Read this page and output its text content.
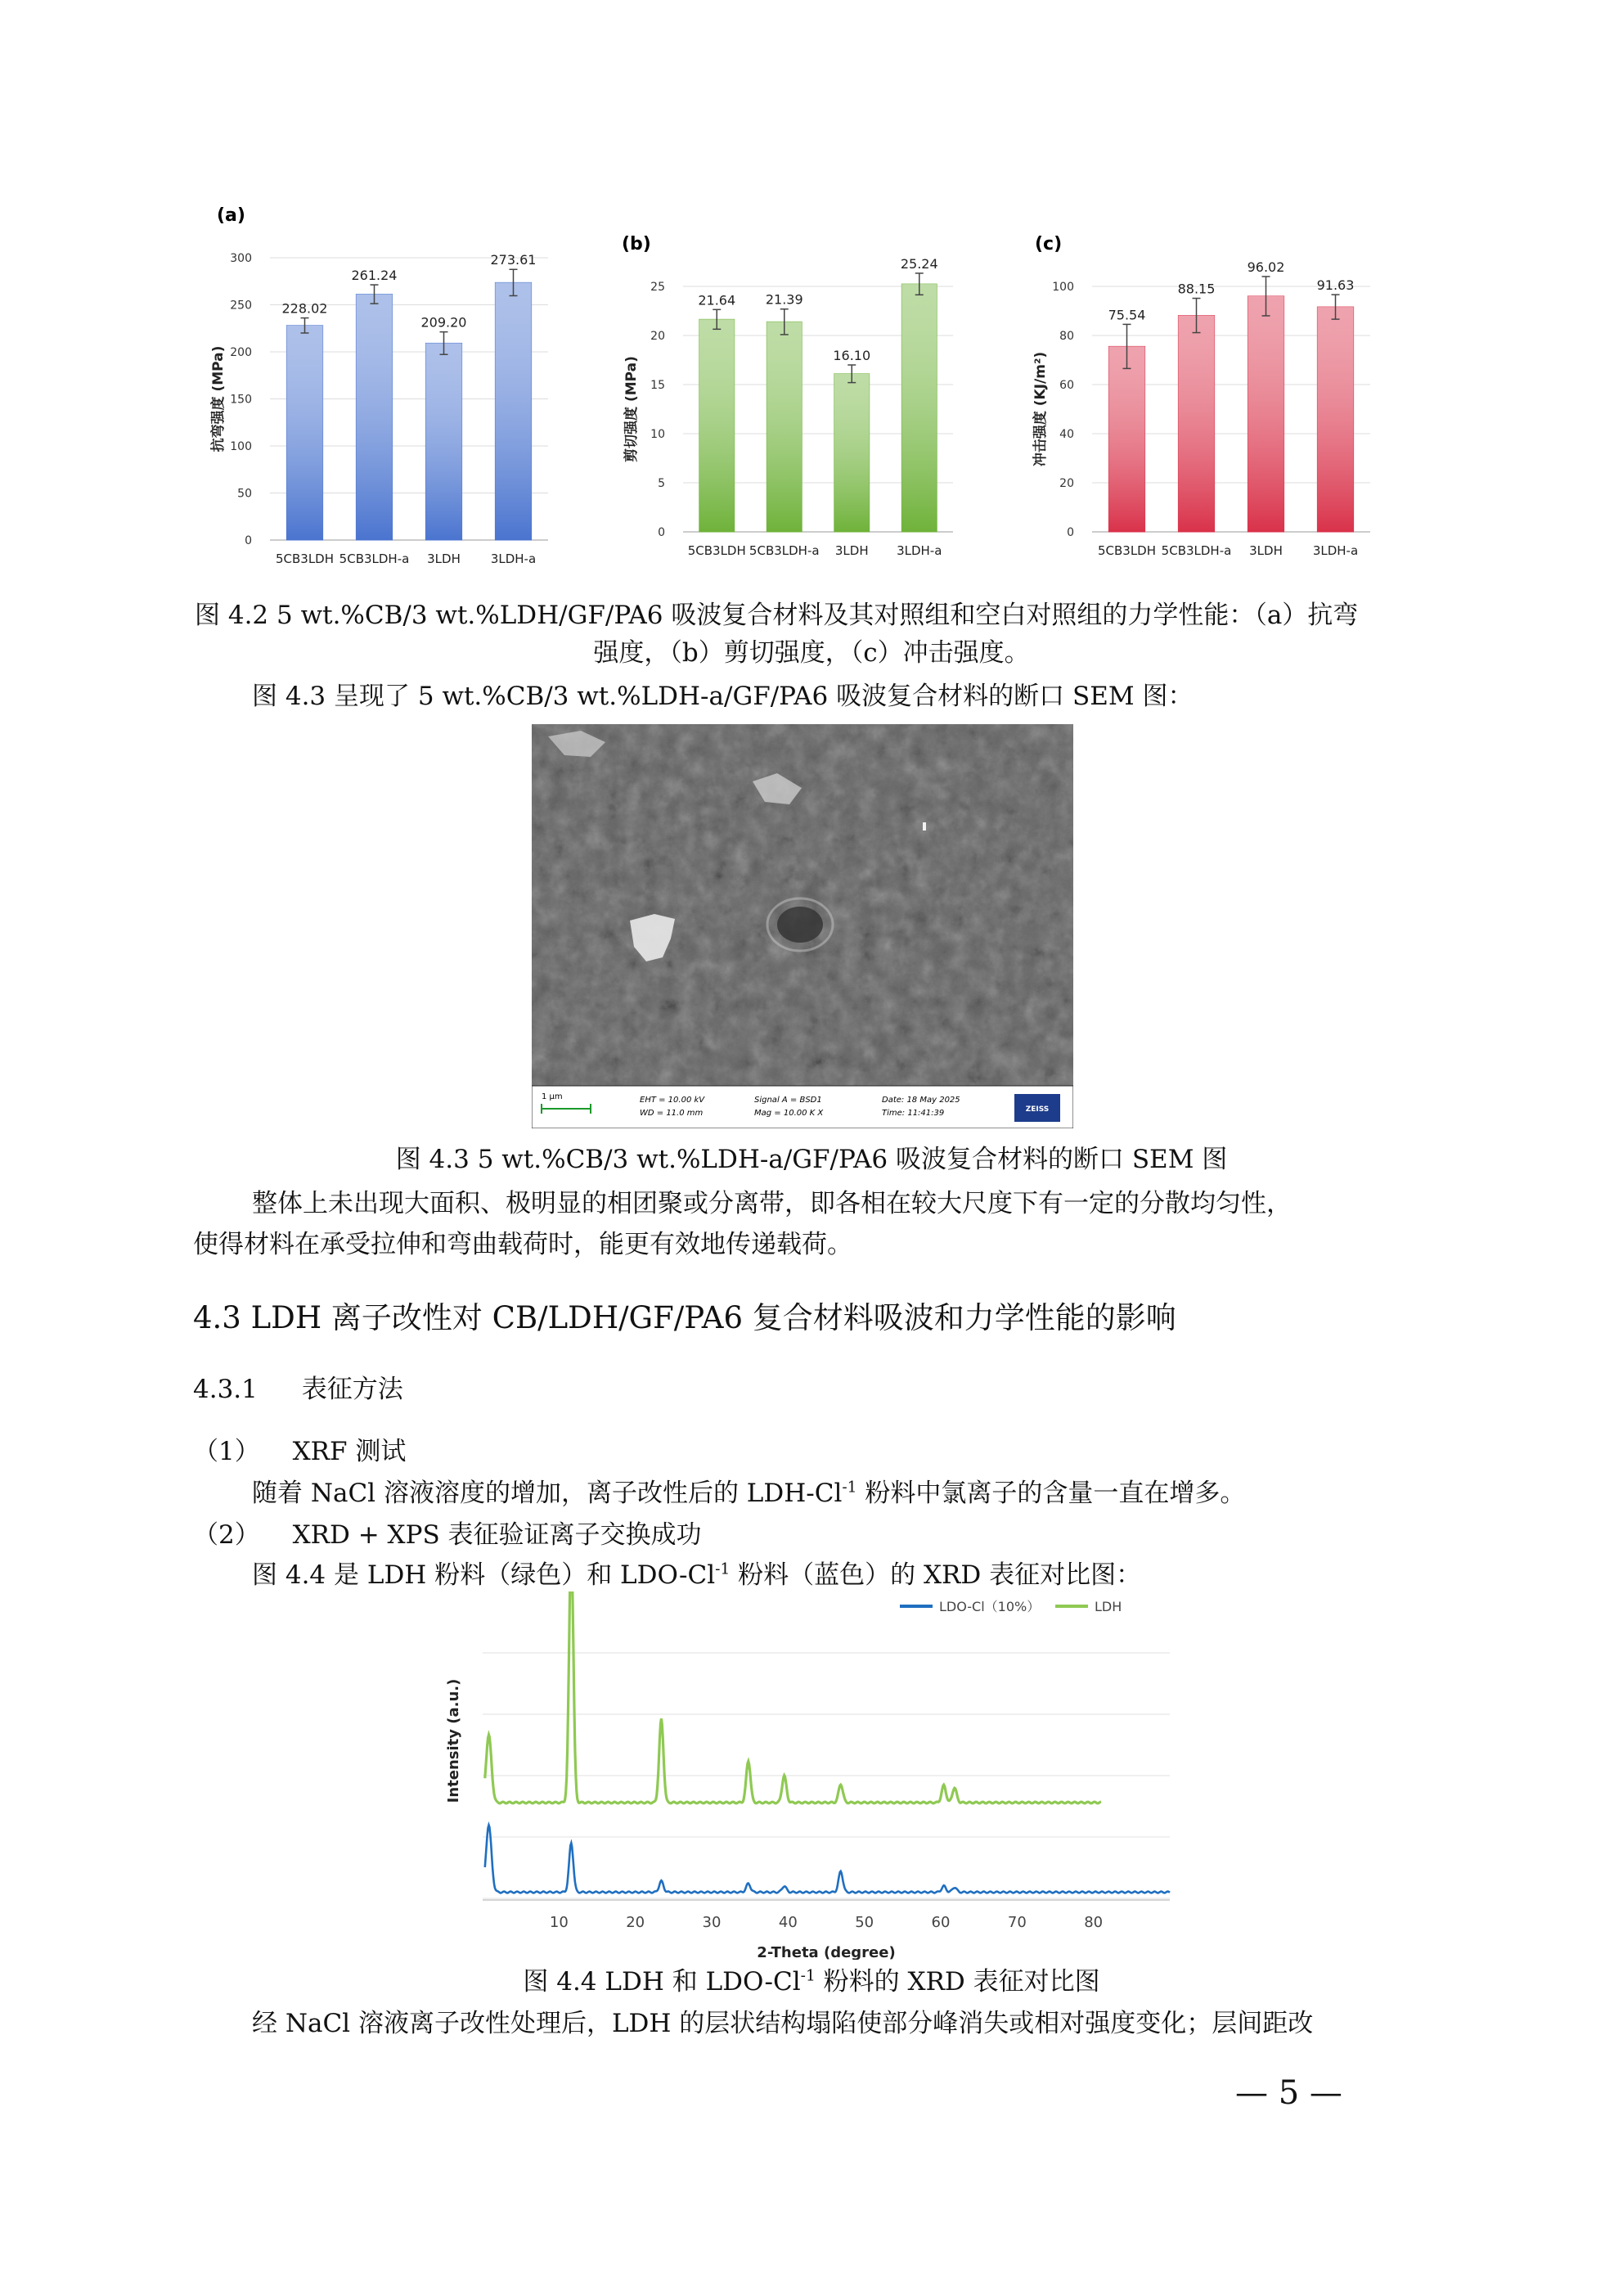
(a)
0
50
100
150
200
250
300
抗弯强度 (MPa)
228.02
5CB3LDH
261.24
5CB3LDH-a
209.20
3LDH
273.61
3LDH-a
(b)
0
5
10
15
20
25
剪切强度 (MPa)
21.64
5CB3LDH
21.39
5CB3LDH-a
16.10
3LDH
25.24
3LDH-a
(c)
0
20
40
60
80
100
冲击强度 (KJ/m²)
75.54
5CB3LDH
88.15
5CB3LDH-a
96.02
3LDH
91.63
3LDH-a
图 4.2 5 wt.%CB/3 wt.%LDH/GF/PA6 吸波复合材料及其对照组和空白对照组的力学性能：（a）抗弯
强度，（b）剪切强度，（c）冲击强度。
图 4.3 呈现了 5 wt.%CB/3 wt.%LDH-a/GF/PA6 吸波复合材料的断口 SEM 图：
1 μm	EHT = 10.00 kV
WD = 11.0 mm
Signal A = BSD1
Mag = 10.00 K X
Date: 18 May 2025
Time: 11:41:39	ZEISS
图 4.3 5 wt.%CB/3 wt.%LDH-a/GF/PA6 吸波复合材料的断口 SEM 图
整体上未出现大面积、极明显的相团聚或分离带，即各相在较大尺度下有一定的分散均匀性，
使得材料在承受拉伸和弯曲载荷时，能更有效地传递载荷。
4.3 LDH 离子改性对 CB/LDH/GF/PA6 复合材料吸波和力学性能的影响
4.3.1 表征方法
（1） XRF 测试
随着 NaCl 溶液溶度的增加，离子改性后的 LDH-$Cl^{-1}$ 粉料中氯离子的含量一直在增多。
（2） XRD + XPS 表征验证离子交换成功
图 4.4 是 LDH 粉料（绿色）和 LDO-$Cl^{-1}$ 粉料（蓝色）的 XRD 表征对比图：
10	20	30	40	50	60	70	80
2-Theta (degree)
Intensity (a.u.)
LDO-Cl（10%）	LDH
图 4.4 LDH 和 LDO-$Cl^{-1}$ 粉料的 XRD 表征对比图
经 NaCl 溶液离子改性处理后，LDH 的层状结构塌陷使部分峰消失或相对强度变化；层间距改
— 5 —
